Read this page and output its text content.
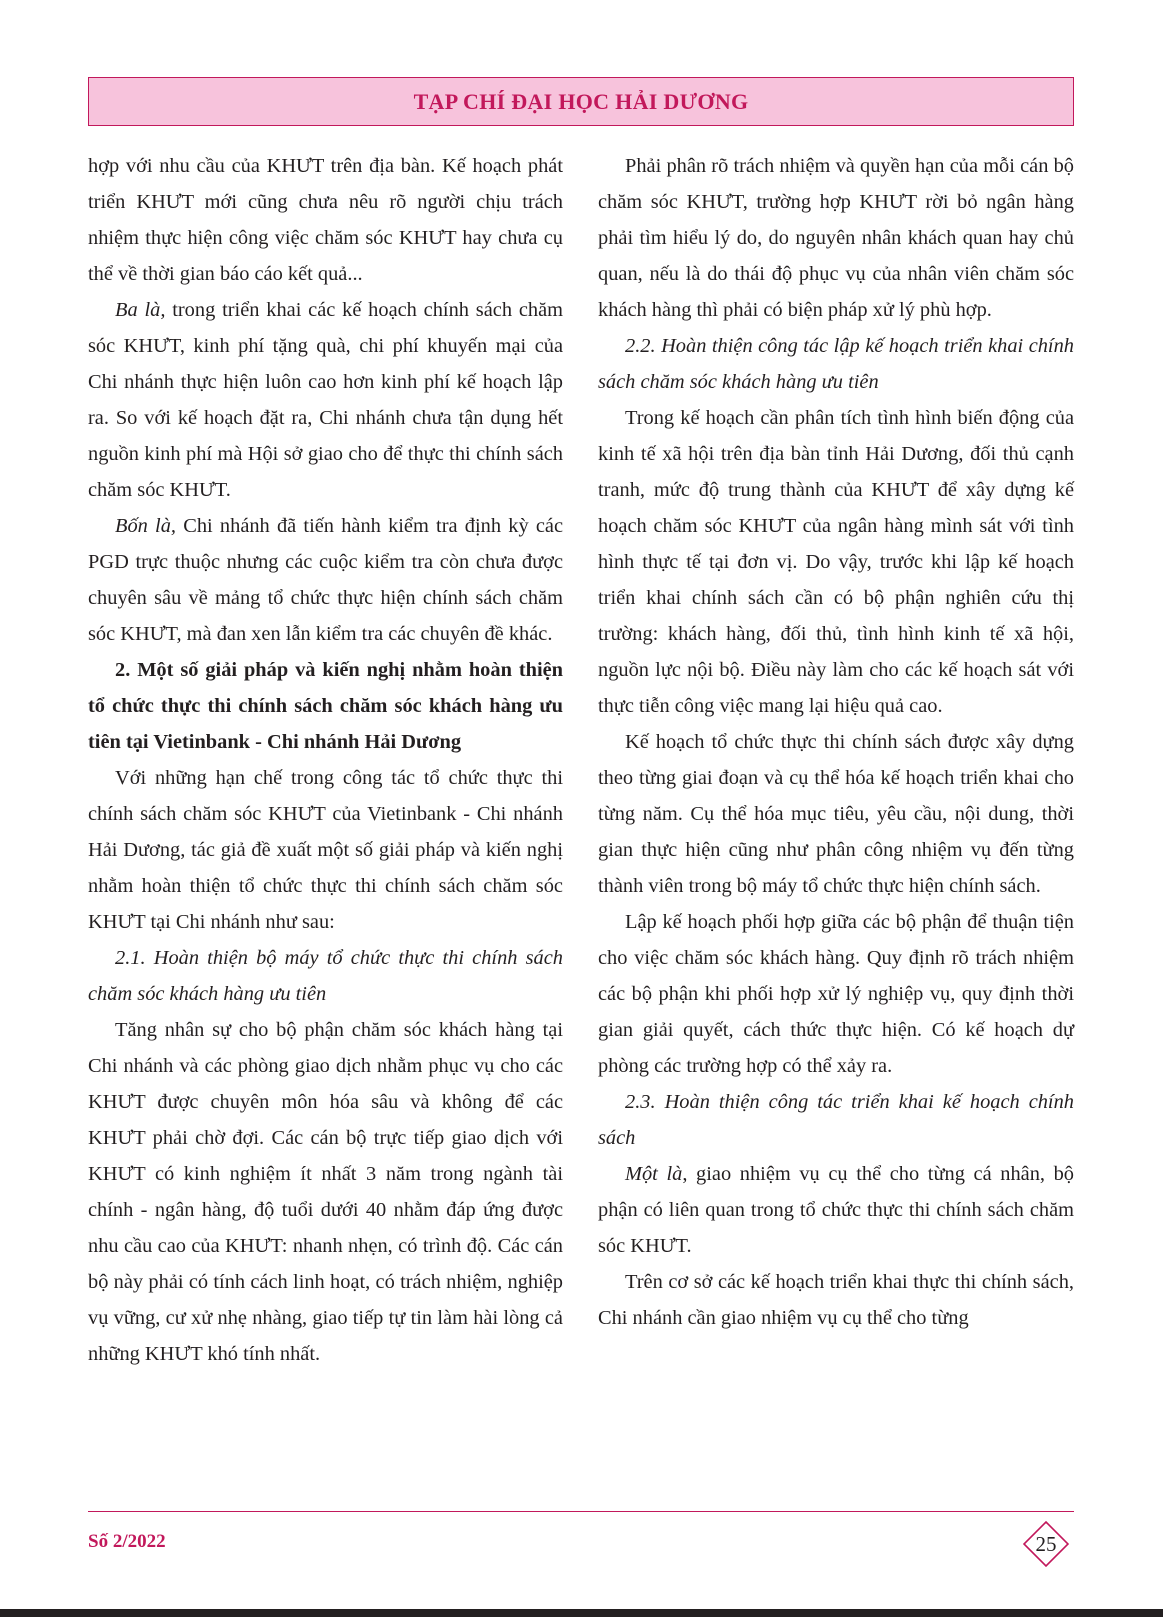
TẠP CHÍ ĐẠI HỌC HẢI DƯƠNG

hợp với nhu cầu của KHƯT trên địa bàn. Kế hoạch phát triển KHƯT mới cũng chưa nêu rõ người chịu trách nhiệm thực hiện công việc chăm sóc KHƯT hay chưa cụ thể về thời gian báo cáo kết quả...

Ba là, trong triển khai các kế hoạch chính sách chăm sóc KHƯT, kinh phí tặng quà, chi phí khuyến mại của Chi nhánh thực hiện luôn cao hơn kinh phí kế hoạch lập ra. So với kế hoạch đặt ra, Chi nhánh chưa tận dụng hết nguồn kinh phí mà Hội sở giao cho để thực thi chính sách chăm sóc KHƯT.

Bốn là, Chi nhánh đã tiến hành kiểm tra định kỳ các PGD trực thuộc nhưng các cuộc kiểm tra còn chưa được chuyên sâu về mảng tổ chức thực hiện chính sách chăm sóc KHƯT, mà đan xen lẫn kiểm tra các chuyên đề khác.

2. Một số giải pháp và kiến nghị nhằm hoàn thiện tổ chức thực thi chính sách chăm sóc khách hàng ưu tiên tại Vietinbank - Chi nhánh Hải Dương

Với những hạn chế trong công tác tổ chức thực thi chính sách chăm sóc KHƯT của Vietinbank - Chi nhánh Hải Dương, tác giả đề xuất một số giải pháp và kiến nghị nhằm hoàn thiện tổ chức thực thi chính sách chăm sóc KHƯT tại Chi nhánh như sau:

2.1. Hoàn thiện bộ máy tổ chức thực thi chính sách chăm sóc khách hàng ưu tiên

Tăng nhân sự cho bộ phận chăm sóc khách hàng tại Chi nhánh và các phòng giao dịch nhằm phục vụ cho các KHƯT được chuyên môn hóa sâu và không để các KHƯT phải chờ đợi. Các cán bộ trực tiếp giao dịch với KHƯT có kinh nghiệm ít nhất 3 năm trong ngành tài chính - ngân hàng, độ tuổi dưới 40 nhằm đáp ứng được nhu cầu cao của KHƯT: nhanh nhẹn, có trình độ. Các cán bộ này phải có tính cách linh hoạt, có trách nhiệm, nghiệp vụ vững, cư xử nhẹ nhàng, giao tiếp tự tin làm hài lòng cả những KHƯT khó tính nhất.

Phải phân rõ trách nhiệm và quyền hạn của mỗi cán bộ chăm sóc KHƯT, trường hợp KHƯT rời bỏ ngân hàng phải tìm hiểu lý do, do nguyên nhân khách quan hay chủ quan, nếu là do thái độ phục vụ của nhân viên chăm sóc khách hàng thì phải có biện pháp xử lý phù hợp.

2.2. Hoàn thiện công tác lập kế hoạch triển khai chính sách chăm sóc khách hàng ưu tiên

Trong kế hoạch cần phân tích tình hình biến động của kinh tế xã hội trên địa bàn tỉnh Hải Dương, đối thủ cạnh tranh, mức độ trung thành của KHƯT để xây dựng kế hoạch chăm sóc KHƯT của ngân hàng mình sát với tình hình thực tế tại đơn vị. Do vậy, trước khi lập kế hoạch triển khai chính sách cần có bộ phận nghiên cứu thị trường: khách hàng, đối thủ, tình hình kinh tế xã hội, nguồn lực nội bộ. Điều này làm cho các kế hoạch sát với thực tiễn công việc mang lại hiệu quả cao.

Kế hoạch tổ chức thực thi chính sách được xây dựng theo từng giai đoạn và cụ thể hóa kế hoạch triển khai cho từng năm. Cụ thể hóa mục tiêu, yêu cầu, nội dung, thời gian thực hiện cũng như phân công nhiệm vụ đến từng thành viên trong bộ máy tổ chức thực hiện chính sách.

Lập kế hoạch phối hợp giữa các bộ phận để thuận tiện cho việc chăm sóc khách hàng. Quy định rõ trách nhiệm các bộ phận khi phối hợp xử lý nghiệp vụ, quy định thời gian giải quyết, cách thức thực hiện. Có kế hoạch dự phòng các trường hợp có thể xảy ra.

2.3. Hoàn thiện công tác triển khai kế hoạch chính sách

Một là, giao nhiệm vụ cụ thể cho từng cá nhân, bộ phận có liên quan trong tổ chức thực thi chính sách chăm sóc KHƯT.

Trên cơ sở các kế hoạch triển khai thực thi chính sách, Chi nhánh cần giao nhiệm vụ cụ thể cho từng

Số 2/2022	25
